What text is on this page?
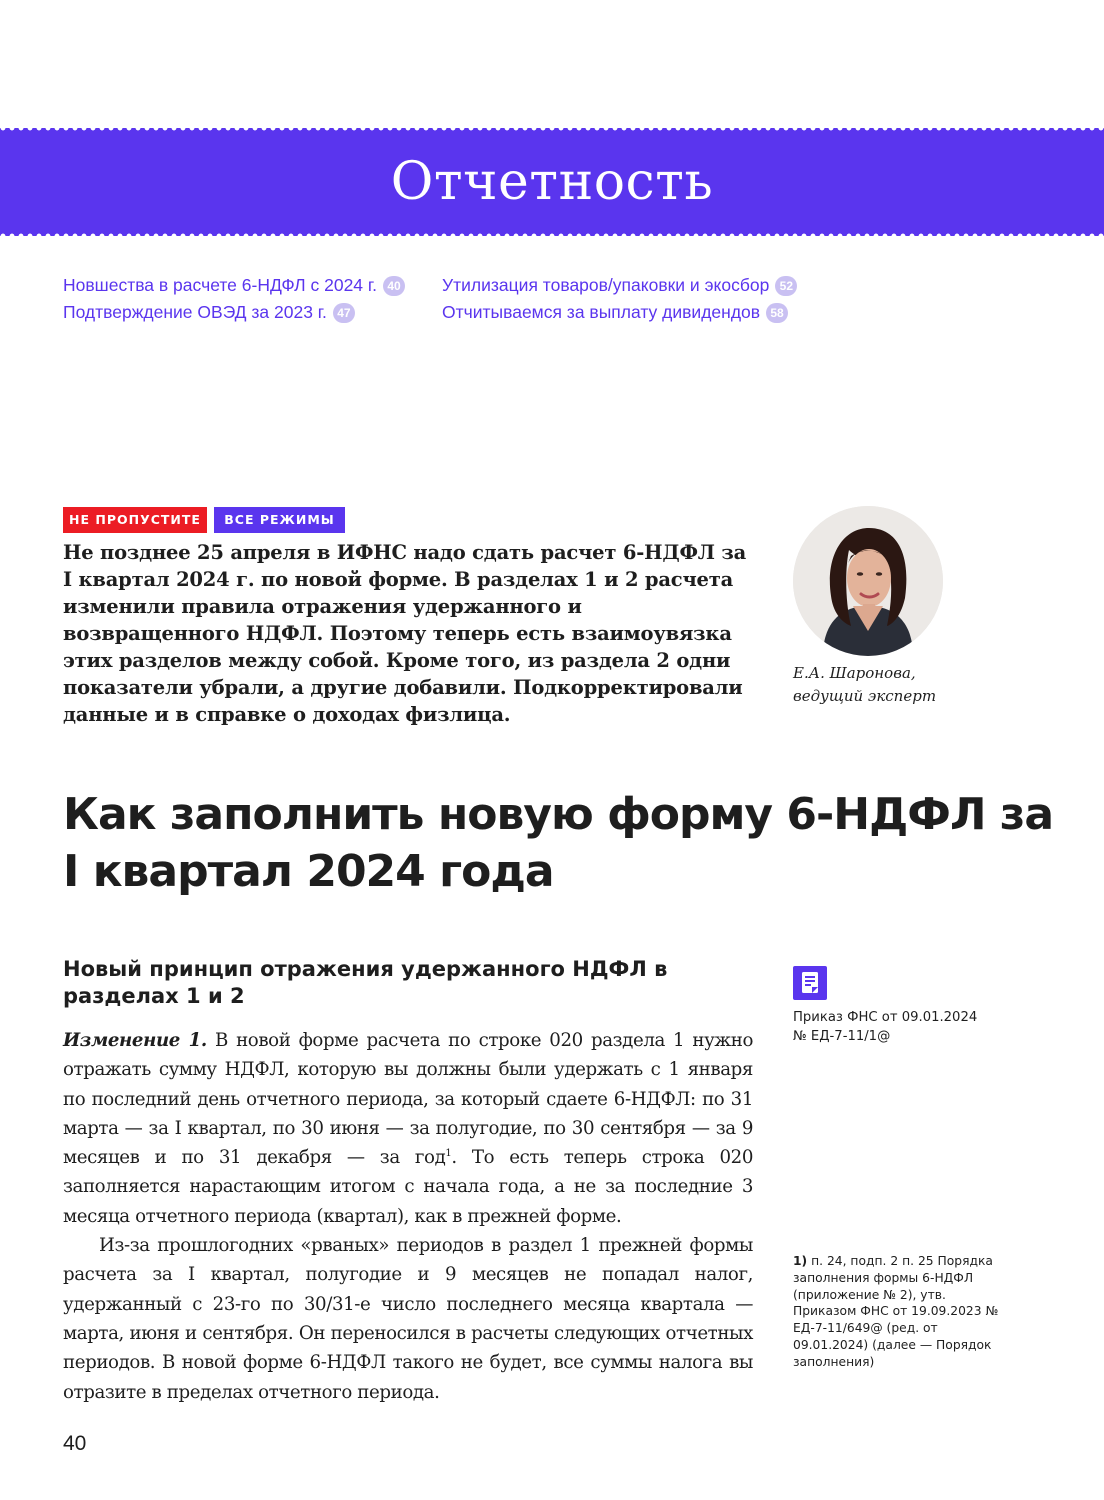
Отчетность
Новшества в расчете 6-НДФЛ с 2024 г. 40
Подтверждение ОВЭД за 2023 г. 47
Утилизация товаров/упаковки и экосбор 52
Отчитываемся за выплату дивидендов 58
НЕ ПРОПУСТИТЕ	ВСЕ РЕЖИМЫ

Не позднее 25 апреля в ИФНС надо сдать расчет 6-НДФЛ за I квартал 2024 г. по новой форме. В разделах 1 и 2 расчета изменили правила отражения удержанного и возвращенного НДФЛ. Поэтому теперь есть взаимоувязка этих разделов между собой. Кроме того, из раздела 2 одни показатели убрали, а другие добавили. Подкорректировали данные и в справке о доходах физлица.

Е.А. Шаронова,
ведущий эксперт
Как заполнить новую форму 6-НДФЛ за I квартал 2024 года
Новый принцип отражения удержанного НДФЛ в разделах 1 и 2

Изменение 1. В новой форме расчета по строке 020 раздела 1 нужно отражать сумму НДФЛ, которую вы должны были удержать с 1 января по последний день отчетного периода, за который сдаете 6-НДФЛ: по 31 марта — за I квартал, по 30 июня — за полугодие, по 30 сентября — за 9 месяцев и по 31 декабря — за год$^1$. То есть теперь строка 020 заполняется нарастающим итогом с начала года, а не за последние 3 месяца отчетного периода (квартал), как в прежней форме.

Из-за прошлогодних «рваных» периодов в раздел 1 прежней формы расчета за I квартал, полугодие и 9 месяцев не попадал налог, удержанный с 23-го по 30/31-е число последнего месяца квартала — марта, июня и сентября. Он переносился в расчеты следующих отчетных периодов. В новой форме 6-НДФЛ такого не будет, все суммы налога вы отразите в пределах отчетного периода.

Приказ ФНС от 09.01.2024
№ ЕД-7-11/1@
1) п. 24, подп. 2 п. 25 Порядка заполнения формы 6-НДФЛ (приложение № 2), утв. Приказом ФНС от 19.09.2023 № ЕД-7-11/649@ (ред. от 09.01.2024) (далее — Порядок заполнения)
40
